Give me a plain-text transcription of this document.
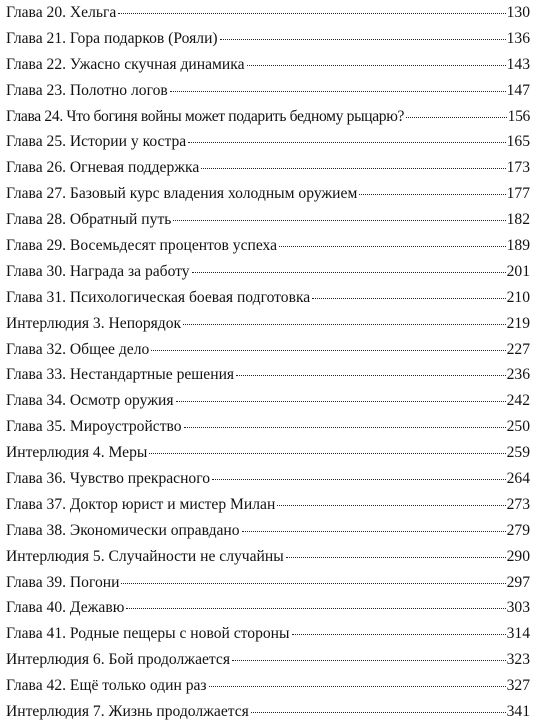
Глава 20. Хельга	130
Глава 21. Гора подарков (Рояли)	136
Глава 22. Ужасно скучная динамика	143
Глава 23. Полотно логов	147
Глава 24. Что богиня войны может подарить бедному рыцарю?	156
Глава 25. Истории у костра	165
Глава 26. Огневая поддержка	173
Глава 27. Базовый курс владения холодным оружием	177
Глава 28. Обратный путь	182
Глава 29. Восемьдесят процентов успеха	189
Глава 30. Награда за работу	201
Глава 31. Психологическая боевая подготовка	210
Интерлюдия 3. Непорядок	219
Глава 32. Общее дело	227
Глава 33. Нестандартные решения	236
Глава 34. Осмотр оружия	242
Глава 35. Мироустройство	250
Интерлюдия 4. Меры	259
Глава 36. Чувство прекрасного	264
Глава 37. Доктор юрист и мистер Милан	273
Глава 38. Экономически оправдано	279
Интерлюдия 5. Случайности не случайны	290
Глава 39. Погони	297
Глава 40. Дежавю	303
Глава 41. Родные пещеры с новой стороны	314
Интерлюдия 6. Бой продолжается	323
Глава 42. Ещё только один раз	327
Интерлюдия 7. Жизнь продолжается	341
